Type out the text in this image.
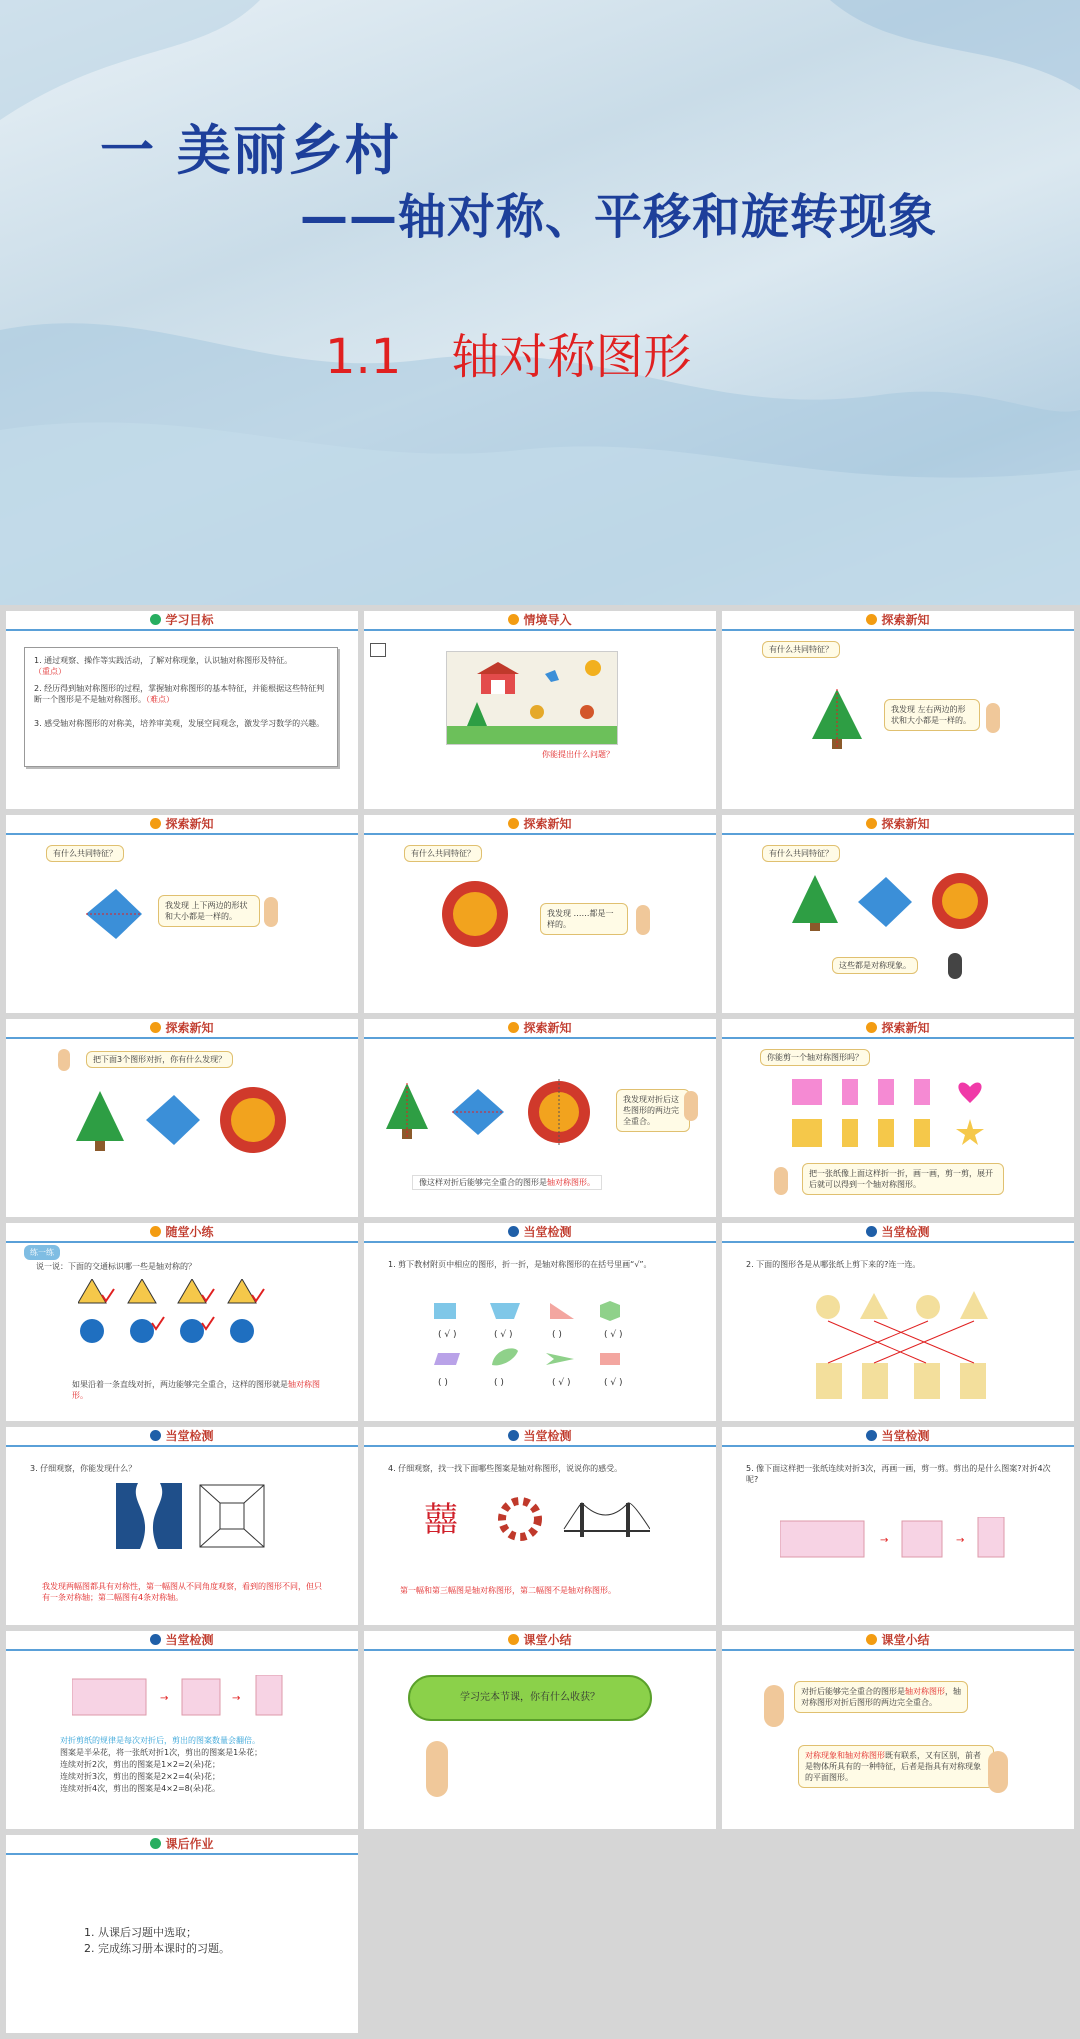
一 美丽乡村
——轴对称、平移和旋转现象
1.1 轴对称图形
学习目标
1. 通过观察、操作等实践活动，了解对称现象，认识轴对称图形及特征。
（重点）
2. 经历得到轴对称图形的过程，掌握轴对称图形的基本特征，并能根据这些特征判断一个图形是不是轴对称图形。（难点）
3. 感受轴对称图形的对称美，培养审美观，发展空间观念，激发学习数学的兴趣。
情境导入
你能提出什么问题？
探索新知
有什么共同特征？
我发现 左右两边的形状和大小都是一样的。
探索新知
有什么共同特征？
我发现 上下两边的形状和大小都是一样的。
探索新知
有什么共同特征？
我发现 ……都是一样的。
探索新知
有什么共同特征？
这些都是对称现象。
探索新知
把下面3个图形对折，你有什么发现？
探索新知
我发现对折后这些图形的两边完全重合。
像这样对折后能够完全重合的图形是轴对称图形。
探索新知
你能剪一个轴对称图形吗？
把一张纸像上面这样折一折，画一画，剪一剪，展开后就可以得到一个轴对称图形。
随堂小练
练一练
说一说：下面的交通标识哪一些是轴对称的？
如果沿着一条直线对折，两边能够完全重合，这样的图形就是轴对称图形。
当堂检测
1. 剪下教材附页中相应的图形，折一折，是轴对称图形的在括号里画“√”。
( √ )	( √ )	( )	( √ )
( )	( )	( √ )	( √ )
当堂检测
2. 下面的图形各是从哪张纸上剪下来的?连一连。
当堂检测
3. 仔细观察，你能发现什么？
我发现两幅图都具有对称性，第一幅图从不同角度观察，看到的图形不同，但只有一条对称轴；第二幅图有4条对称轴。
当堂检测
4. 仔细观察，找一找下面哪些图案是轴对称图形，说说你的感受。
囍
第一幅和第三幅图是轴对称图形，第二幅图不是轴对称图形。
当堂检测
5. 像下面这样把一张纸连续对折3次，再画一画，剪一剪。剪出的是什么图案?对折4次呢?
→	→
当堂检测
→	→
对折剪纸的规律是每次对折后，剪出的图案数量会翻倍。
图案是半朵花，将一张纸对折1次，剪出的图案是1朵花；
连续对折2次，剪出的图案是1×2=2(朵)花；
连续对折3次，剪出的图案是2×2=4(朵)花；
连续对折4次，剪出的图案是4×2=8(朵)花。
课堂小结
学习完本节课，你有什么收获？
课堂小结
对折后能够完全重合的图形是轴对称图形，轴对称图形对折后图形的两边完全重合。
对称现象和轴对称图形既有联系，又有区别，前者是物体所具有的一种特征，后者是指具有对称现象的平面图形。
课后作业
1. 从课后习题中选取；
2. 完成练习册本课时的习题。
